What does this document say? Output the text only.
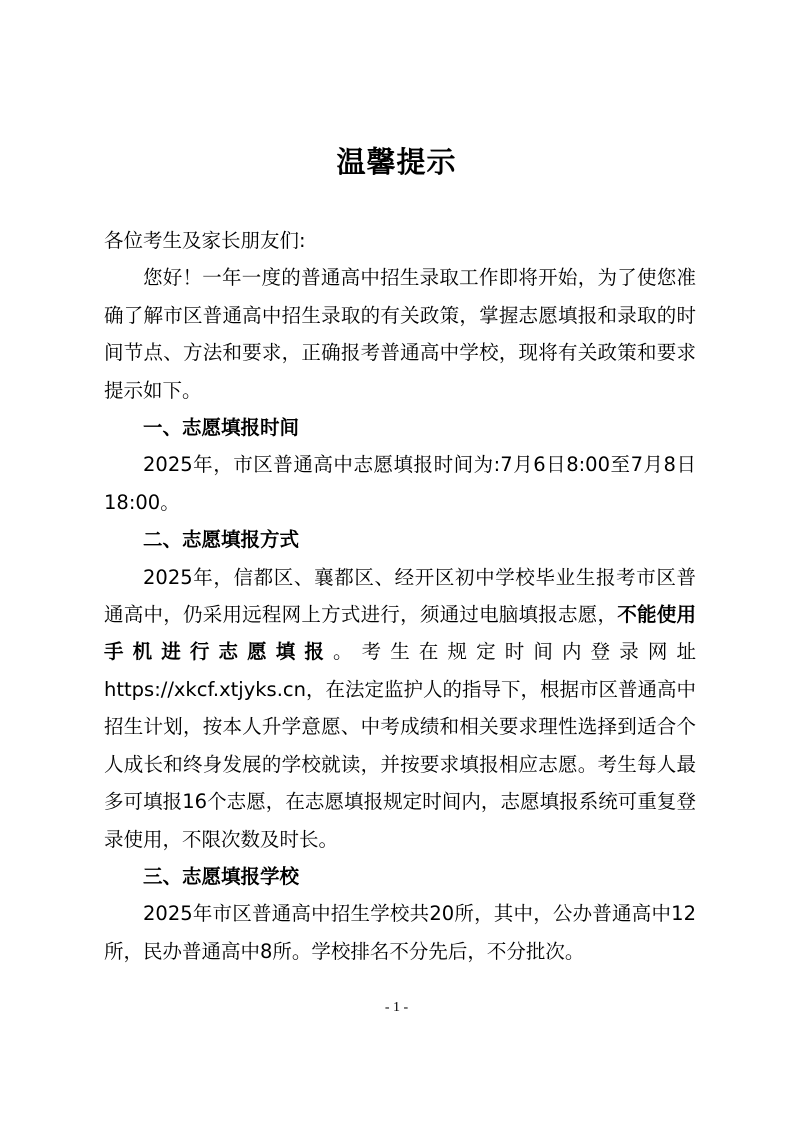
温馨提示

各位考生及家长朋友们:

您好！一年一度的普通高中招生录取工作即将开始，为了使您准确了解市区普通高中招生录取的有关政策，掌握志愿填报和录取的时间节点、方法和要求，正确报考普通高中学校，现将有关政策和要求提示如下。

一、志愿填报时间

2025年，市区普通高中志愿填报时间为:7月6日8:00至7月8日18:00。

二、志愿填报方式

2025年，信都区、襄都区、经开区初中学校毕业生报考市区普通高中，仍采用远程网上方式进行，须通过电脑填报志愿，不能使用手机进行志愿填报。考生在规定时间内登录网址https://xkcf.xtjyks.cn，在法定监护人的指导下，根据市区普通高中招生计划，按本人升学意愿、中考成绩和相关要求理性选择到适合个人成长和终身发展的学校就读，并按要求填报相应志愿。考生每人最多可填报16个志愿，在志愿填报规定时间内，志愿填报系统可重复登录使用，不限次数及时长。

三、志愿填报学校

2025年市区普通高中招生学校共20所，其中，公办普通高中12所，民办普通高中8所。学校排名不分先后，不分批次。

- 1 -
